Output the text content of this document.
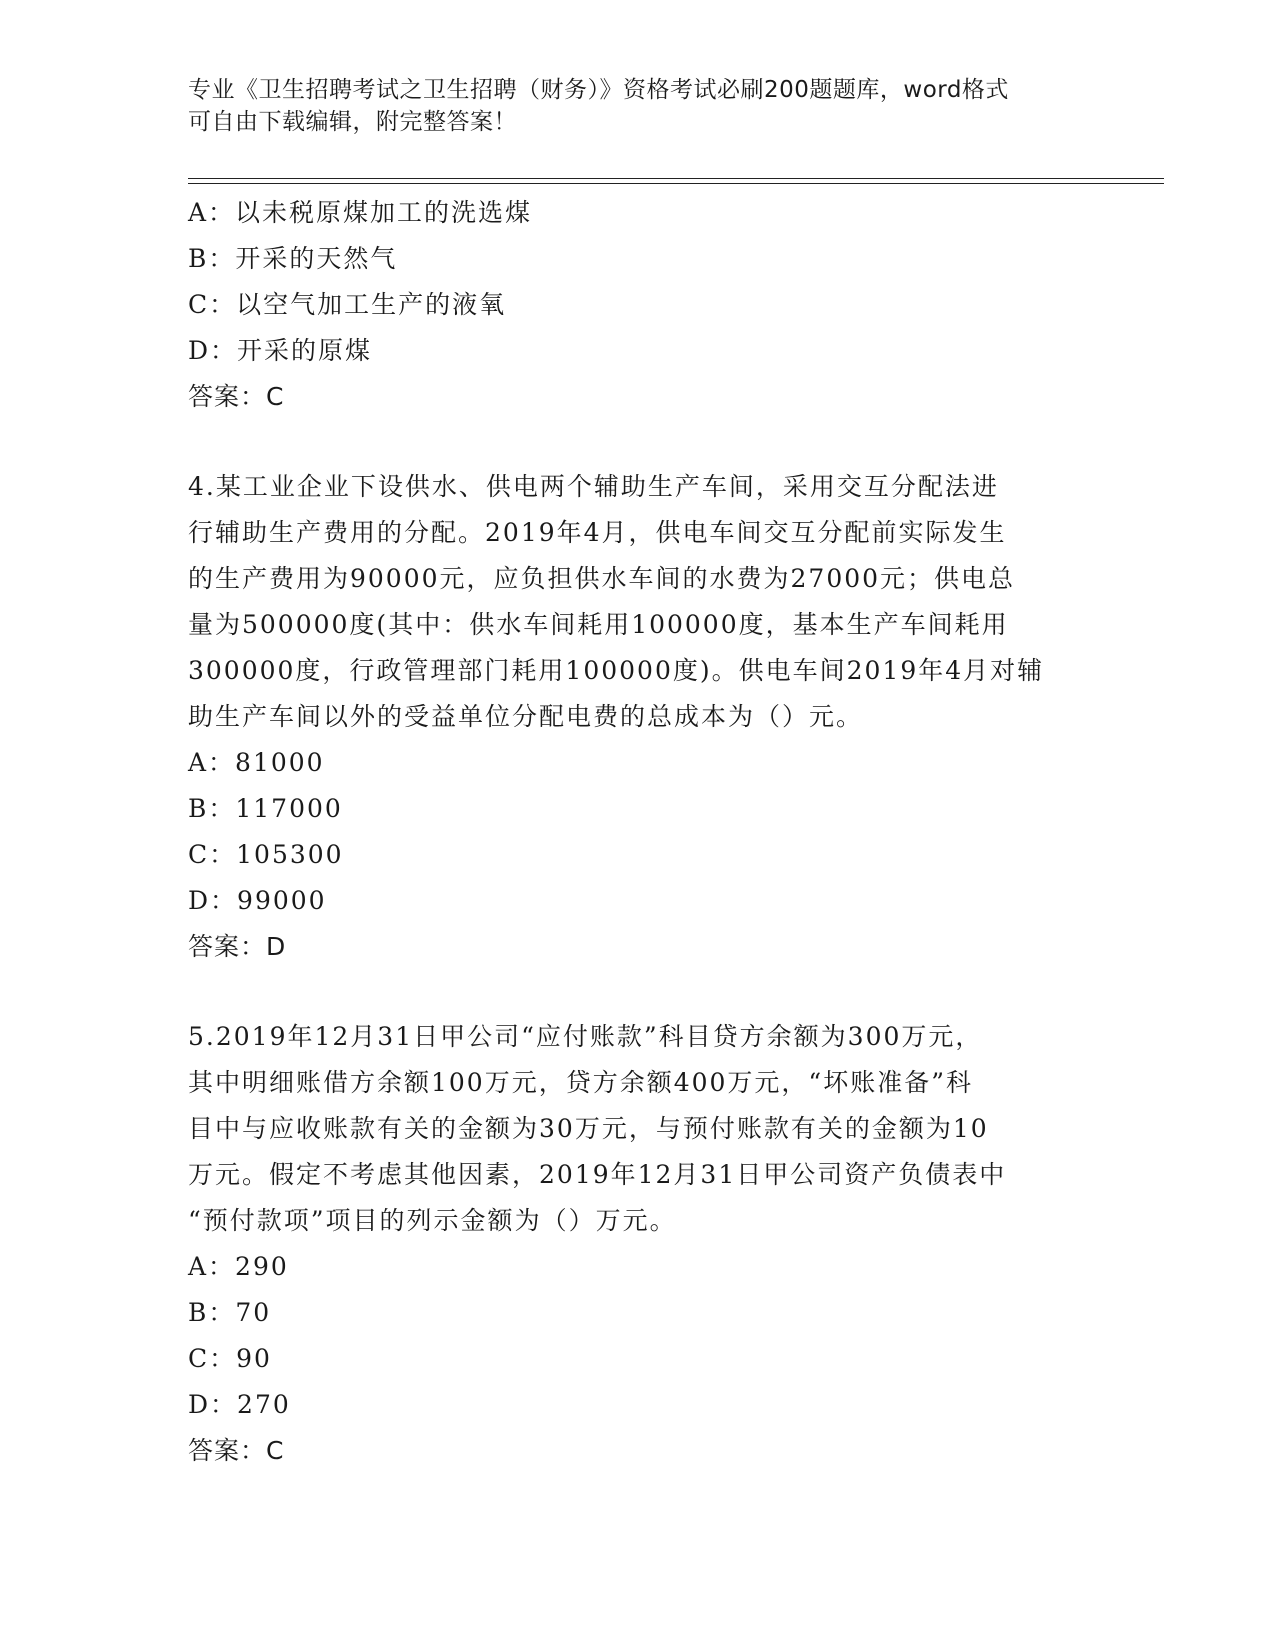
专业《卫生招聘考试之卫生招聘（财务）》资格考试必刷200题题库，word格式
可自由下载编辑，附完整答案！
A：以未税原煤加工的洗选煤
B：开采的天然气
C：以空气加工生产的液氧
D：开采的原煤
答案：C
4.某工业企业下设供水、供电两个辅助生产车间，采用交互分配法进
行辅助生产费用的分配。2019年4月，供电车间交互分配前实际发生
的生产费用为90000元，应负担供水车间的水费为27000元；供电总
量为500000度(其中：供水车间耗用100000度，基本生产车间耗用
300000度，行政管理部门耗用100000度)。供电车间2019年4月对辅
助生产车间以外的受益单位分配电费的总成本为（）元。
A：81000
B：117000
C：105300
D：99000
答案：D
5.2019年12月31日甲公司“应付账款”科目贷方余额为300万元，
其中明细账借方余额100万元，贷方余额400万元，“坏账准备”科
目中与应收账款有关的金额为30万元，与预付账款有关的金额为10
万元。假定不考虑其他因素，2019年12月31日甲公司资产负债表中
“预付款项”项目的列示金额为（）万元。
A：290
B：70
C：90
D：270
答案：C
